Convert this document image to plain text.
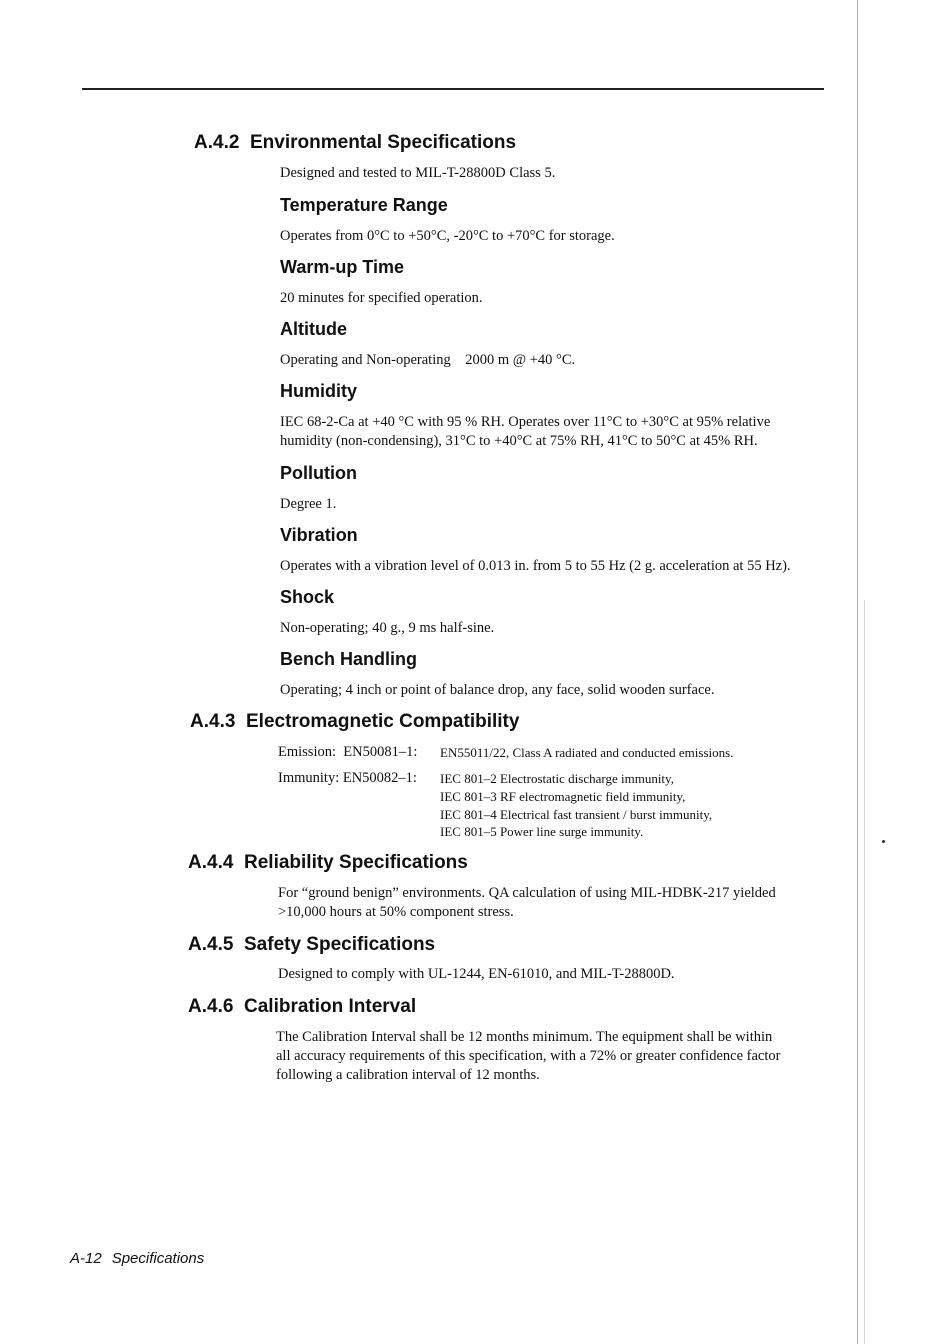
A.4.2 Environmental Specifications
Designed and tested to MIL-T-28800D Class 5.
Temperature Range
Operates from 0°C to +50°C, -20°C to +70°C for storage.
Warm-up Time
20 minutes for specified operation.
Altitude
Operating and Non-operating    2000 m @ +40 °C.
Humidity
IEC 68-2-Ca at +40 °C with 95 % RH. Operates over 11°C to +30°C at 95% relative
humidity (non-condensing), 31°C to +40°C at 75% RH, 41°C to 50°C at 45% RH.
Pollution
Degree 1.
Vibration
Operates with a vibration level of 0.013 in. from 5 to 55 Hz (2 g. acceleration at 55 Hz).
Shock
Non-operating; 40 g., 9 ms half-sine.
Bench Handling
Operating; 4 inch or point of balance drop, any face, solid wooden surface.
A.4.3 Electromagnetic Compatibility
Emission:  EN50081–1: EN55011/22, Class A radiated and conducted emissions.
Immunity: EN50082–1: IEC 801–2 Electrostatic discharge immunity,
IEC 801–3 RF electromagnetic field immunity,
IEC 801–4 Electrical fast transient / burst immunity,
IEC 801–5 Power line surge immunity.
A.4.4 Reliability Specifications
For “ground benign” environments. QA calculation of using MIL-HDBK-217 yielded
>10,000 hours at 50% component stress.
A.4.5 Safety Specifications
Designed to comply with UL-1244, EN-61010, and MIL-T-28800D.
A.4.6 Calibration Interval
The Calibration Interval shall be 12 months minimum. The equipment shall be within
all accuracy requirements of this specification, with a 72% or greater confidence factor
following a calibration interval of 12 months.
A-12 Specifications
